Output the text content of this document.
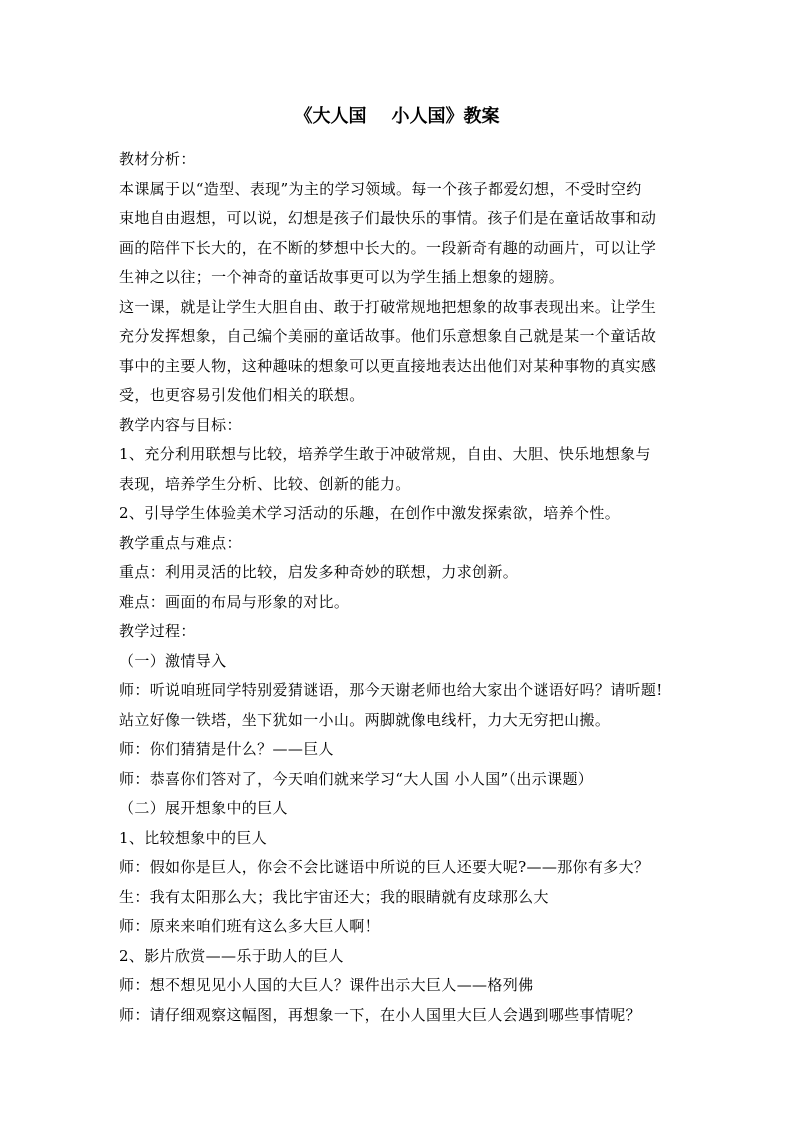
《大人国    小人国》教案
教材分析：
本课属于以“造型、表现”为主的学习领域。每一个孩子都爱幻想，不受时空约
束地自由遐想，可以说，幻想是孩子们最快乐的事情。孩子们是在童话故事和动
画的陪伴下长大的，在不断的梦想中长大的。一段新奇有趣的动画片，可以让学
生神之以往；一个神奇的童话故事更可以为学生插上想象的翅膀。
这一课，就是让学生大胆自由、敢于打破常规地把想象的故事表现出来。让学生
充分发挥想象，自己编个美丽的童话故事。他们乐意想象自己就是某一个童话故
事中的主要人物，这种趣味的想象可以更直接地表达出他们对某种事物的真实感
受，也更容易引发他们相关的联想。
教学内容与目标：
1、充分利用联想与比较，培养学生敢于冲破常规，自由、大胆、快乐地想象与
表现，培养学生分析、比较、创新的能力。
2、引导学生体验美术学习活动的乐趣，在创作中激发探索欲，培养个性。
教学重点与难点：
重点：利用灵活的比较，启发多种奇妙的联想，力求创新。
难点：画面的布局与形象的对比。
教学过程：
（一）激情导入
师：听说咱班同学特别爱猜谜语，那今天谢老师也给大家出个谜语好吗？请听题!
站立好像一铁塔，坐下犹如一小山。两脚就像电线杆，力大无穷把山搬。
师：你们猜猜是什么？——巨人
师：恭喜你们答对了，今天咱们就来学习“大人国 小人国”（出示课题）
（二）展开想象中的巨人
1、比较想象中的巨人
师：假如你是巨人，你会不会比谜语中所说的巨人还要大呢?——那你有多大？
生：我有太阳那么大；我比宇宙还大；我的眼睛就有皮球那么大
师：原来来咱们班有这么多大巨人啊！
2、影片欣赏——乐于助人的巨人
师：想不想见见小人国的大巨人？课件出示大巨人——格列佛
师：请仔细观察这幅图，再想象一下，在小人国里大巨人会遇到哪些事情呢？
